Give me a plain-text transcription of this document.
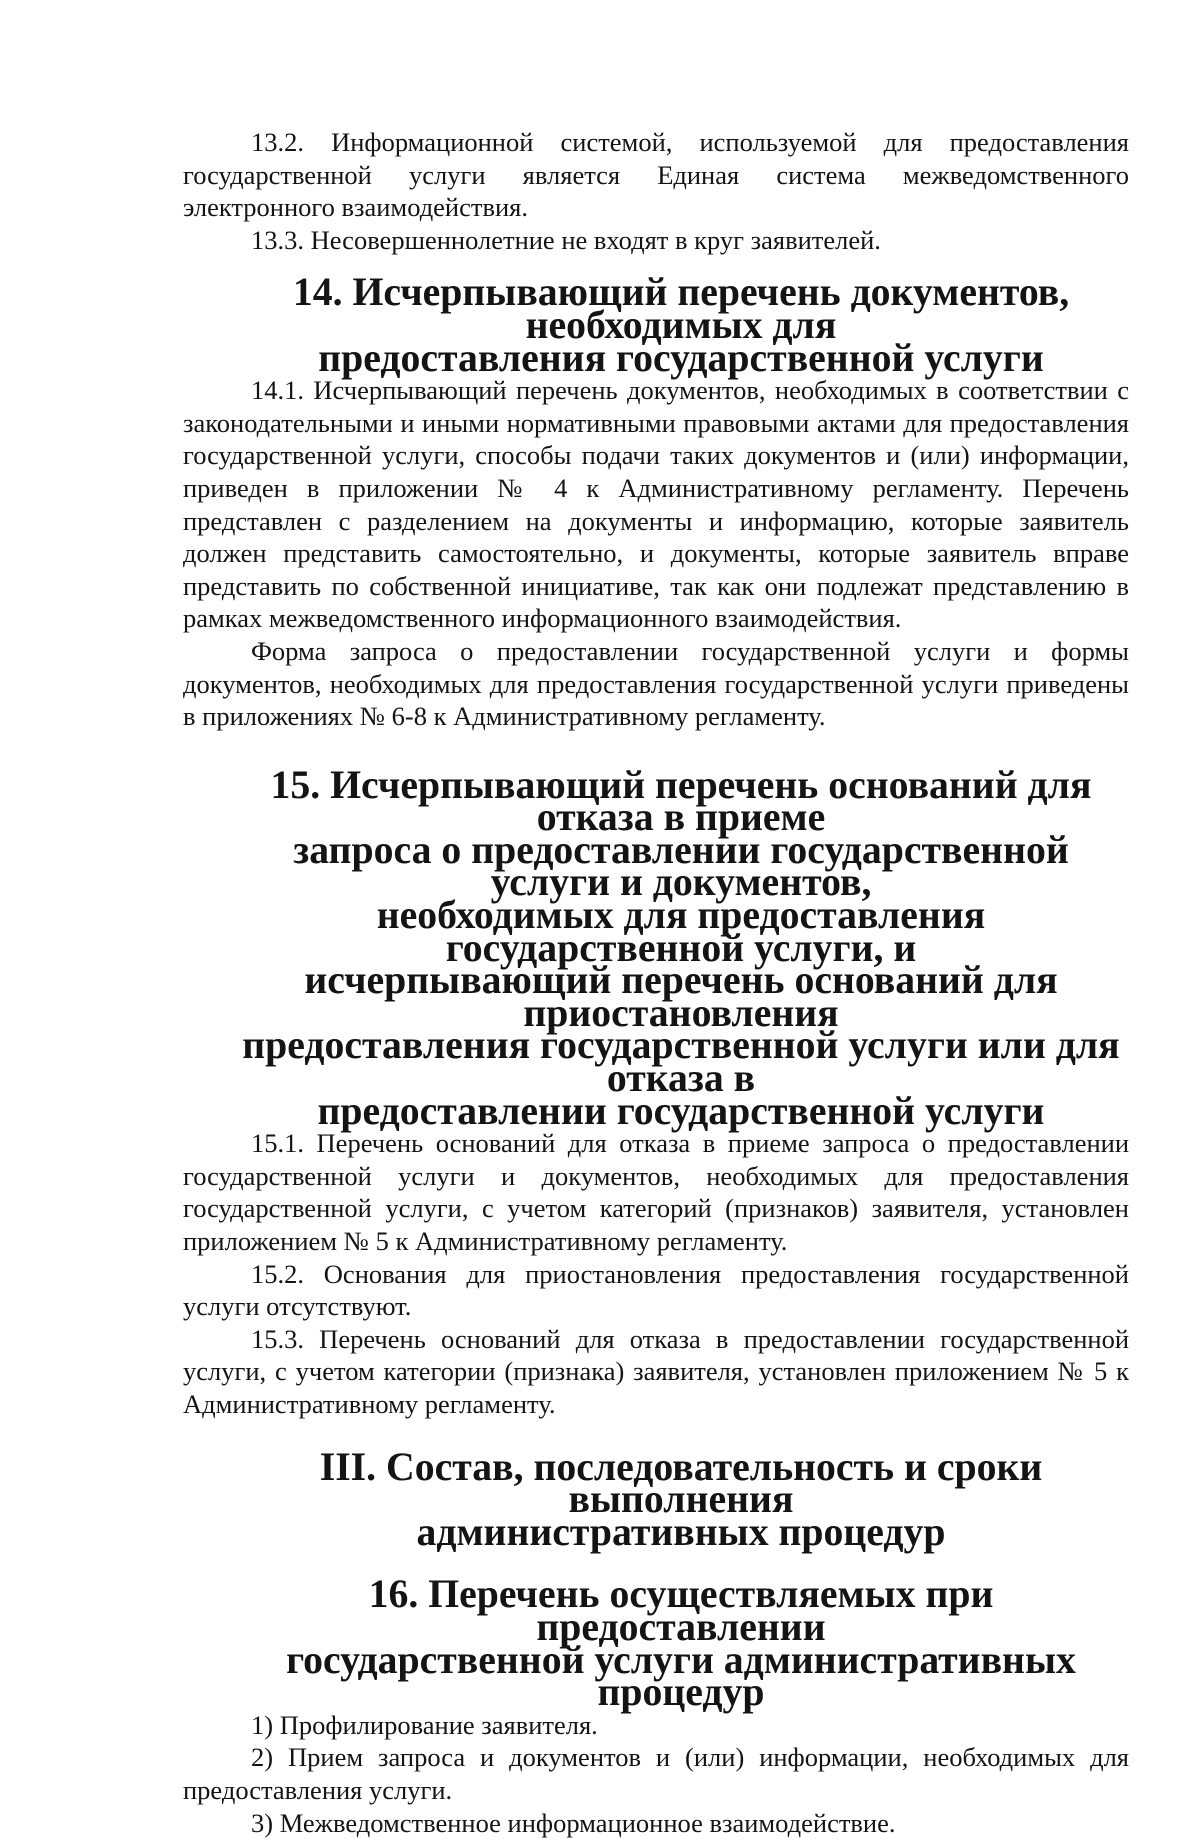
13.2. Информационной системой, используемой для предоставления государственной услуги является Единая система межведомственного электронного взаимодействия.

13.3. Несовершеннолетние не входят в круг заявителей.

14. Исчерпывающий перечень документов, необходимых для
предоставления государственной услуги

14.1. Исчерпывающий перечень документов, необходимых в соответствии с законодательными и иными нормативными правовыми актами для предоставления государственной услуги, способы подачи таких документов и (или) информации, приведен в приложении № 4 к Административному регламенту. Перечень представлен с разделением на документы и информацию, которые заявитель должен представить самостоятельно, и документы, которые заявитель вправе представить по собственной инициативе, так как они подлежат представлению в рамках межведомственного информационного взаимодействия.

Форма запроса о предоставлении государственной услуги и формы документов, необходимых для предоставления государственной услуги приведены в приложениях № 6-8 к Административному регламенту.

15. Исчерпывающий перечень оснований для отказа в приеме
запроса о предоставлении государственной услуги и документов,
необходимых для предоставления государственной услуги, и
исчерпывающий перечень оснований для приостановления
предоставления государственной услуги или для отказа в
предоставлении государственной услуги

15.1. Перечень оснований для отказа в приеме запроса о предоставлении государственной услуги и документов, необходимых для предоставления государственной услуги, с учетом категорий (признаков) заявителя, установлен приложением № 5 к Административному регламенту.

15.2. Основания для приостановления предоставления государственной услуги отсутствуют.

15.3. Перечень оснований для отказа в предоставлении государственной услуги, с учетом категории (признака) заявителя, установлен приложением № 5 к Административному регламенту.

III. Состав, последовательность и сроки выполнения
административных процедур
16. Перечень осуществляемых при предоставлении
государственной услуги административных процедур

1) Профилирование заявителя.

2) Прием запроса и документов и (или) информации, необходимых для предоставления услуги.

3) Межведомственное информационное взаимодействие.
